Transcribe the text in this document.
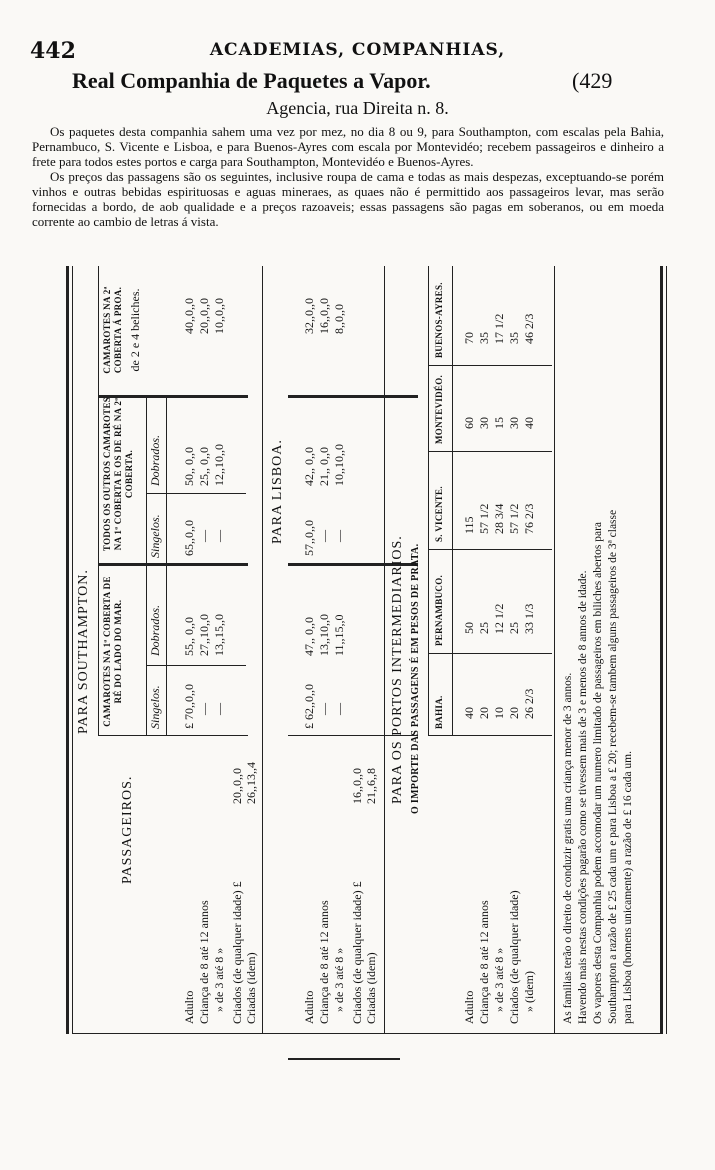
442	ACADEMIAS, COMPANHIAS,
Real Companhia de Paquetes a Vapor.	(429
Agencia, rua Direita n. 8.

Os paquetes desta companhia sahem uma vez por mez, no dia 8 ou 9, para Southampton, com escalas pela Bahia, Pernambuco, S. Vicente e Lisboa, e para Buenos-Ayres com escala por Montevidéo; recebem passageiros e dinheiro a frete para todos estes portos e carga para Southampton, Montevidéo e Buenos-Ayres.

Os preços das passagens são os seguintes, inclusive roupa de cama e todas as mais despezas, exceptuando-se porém vinhos e outras bebidas espirituosas e aguas mineraes, as quaes não é permittido aos passageiros levar, mas serão fornecidas a bordo, de aob qualidade e a preços razoaveis; essas passagens são pagas em soberanos, ou em moeda corrente ao cambio de letras á vista.

PASSAGEIROS.
PARA SOUTHAMPTON. CAMAROTES NA 1ª COBERTA DE RÉ DO LADO DO MAR.
TODOS OS OUTROS CAMAROTES NA 1ª COBERTA E OS DE RÉ NA 2ª COBERTA.
Singelos.
Dobrados.
Singelos.
Dobrados.
CAMAROTES NA 2ª COBERTA Á PROA. de 2 e 4 beliches.
Adulto Criança de 8 até 12 annos » de 3 até 8 »
£ 70,,0,,0 — —
55,, 0,,0 27,,10,,0 13,,15,,0
65,,0,,0 — —
50,, 0,,0 25,, 0,,0 12,,10,,0
40,,0,,0 20,,0,,0 10,,0,,0
Criados (de qualquer idade) £
20,,0,,0
Criadas (idem)
26,,13,,4
PARA LISBOA.
Adulto Criança de 8 até 12 annos » de 3 até 8 »
£ 62,,0,,0 — —
47,, 0,,0 13,,10,,0 11,,15,,0
57,,0,,0 — —
42,, 0,,0 21,, 0,,0 10,,10,,0
32,,0,,0 16,,0,,0 8,,0,,0
Criados (de qualquer idade) £
16,,0,,0
Criadas (idem)
21,,6,,8 PARA OS PORTOS INTERMEDIARIOS. O IMPORTE DAS PASSAGENS É EM PESOS DE PRATA. BAHIA.
PERNAMBUCO.
S. VICENTE.
MONTEVIDÉO.
BUENOS-AYRES.
Adulto Criança de 8 até 12 annos » de 3 até 8 » Criados (de qualquer idade) » (idem)
40 20 10 20 26 2/3
50 25 12 1/2 25 33 1/3
115 57 1/2 28 3/4 57 1/2 76 2/3
60 30 15 30 40
70 35 17 1/2 35 46 2/3
As familias terão o direito de conduzir gratis uma criança menor de 3 annos. Havendo mais nestas condições pagarão como se tivessem mais de 3 e menos de 8 annos de idade. Os vapores desta Companhia podem accomodar um numero limitado de passageiros em biliches abertos para Southampton a razão de £ 25 cada um e para Lisboa a £ 20; recebem-se tambem alguns passageiros de 3ª classe para Lisboa (homens unicamente) a razão de £ 16 cada um.
